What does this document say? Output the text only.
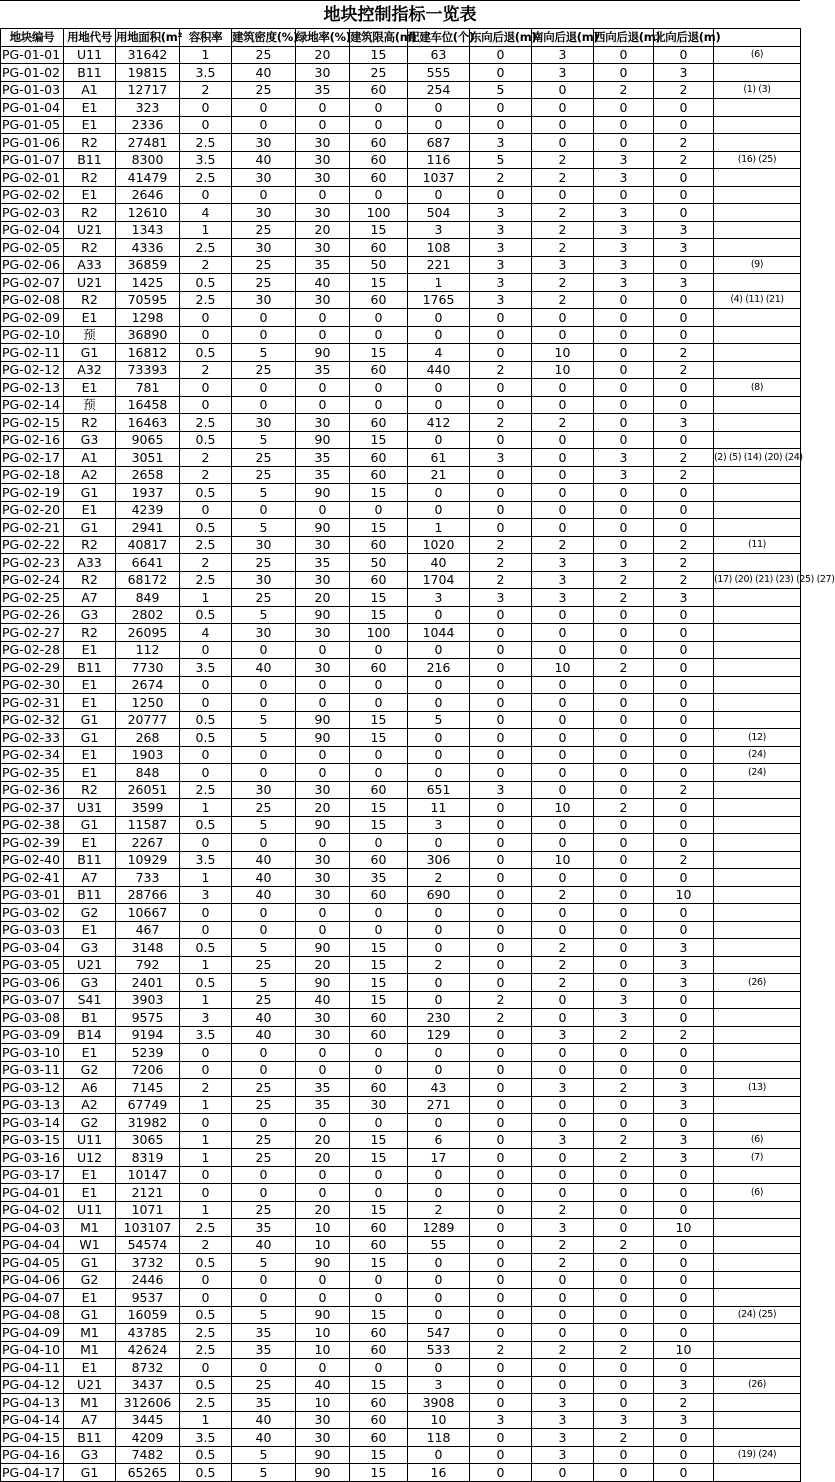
地块控制指标一览表
地块编号	用地代号	用地面积(m²	容积率	建筑密度(%)	绿地率(%)	建筑限高(m)	配建车位(个)	东向后退(m)	南向后退(m)	西向后退(m)	北向后退(m)	
PG-01-01	U11	31642	1	25	20	15	63	0	3	0	0	(6)
PG-01-02	B11	19815	3.5	40	30	25	555	0	3	0	3	
PG-01-03	A1	12717	2	25	35	60	254	5	0	2	2	(1) (3)
PG-01-04	E1	323	0	0	0	0	0	0	0	0	0	
PG-01-05	E1	2336	0	0	0	0	0	0	0	0	0	
PG-01-06	R2	27481	2.5	30	30	60	687	3	0	0	2	
PG-01-07	B11	8300	3.5	40	30	60	116	5	2	3	2	(16) (25)
PG-02-01	R2	41479	2.5	30	30	60	1037	2	2	3	0	
PG-02-02	E1	2646	0	0	0	0	0	0	0	0	0	
PG-02-03	R2	12610	4	30	30	100	504	3	2	3	0	
PG-02-04	U21	1343	1	25	20	15	3	3	2	3	3	
PG-02-05	R2	4336	2.5	30	30	60	108	3	2	3	3	
PG-02-06	A33	36859	2	25	35	50	221	3	3	3	0	(9)
PG-02-07	U21	1425	0.5	25	40	15	1	3	2	3	3	
PG-02-08	R2	70595	2.5	30	30	60	1765	3	2	0	0	(4) (11) (21)
PG-02-09	E1	1298	0	0	0	0	0	0	0	0	0	
PG-02-10	预	36890	0	0	0	0	0	0	0	0	0	
PG-02-11	G1	16812	0.5	5	90	15	4	0	10	0	2	
PG-02-12	A32	73393	2	25	35	60	440	2	10	0	2	
PG-02-13	E1	781	0	0	0	0	0	0	0	0	0	(8)
PG-02-14	预	16458	0	0	0	0	0	0	0	0	0	
PG-02-15	R2	16463	2.5	30	30	60	412	2	2	0	3	
PG-02-16	G3	9065	0.5	5	90	15	0	0	0	0	0	
PG-02-17	A1	3051	2	25	35	60	61	3	0	3	2	(2) (5) (14) (20) (24)
PG-02-18	A2	2658	2	25	35	60	21	0	0	3	2	
PG-02-19	G1	1937	0.5	5	90	15	0	0	0	0	0	
PG-02-20	E1	4239	0	0	0	0	0	0	0	0	0	
PG-02-21	G1	2941	0.5	5	90	15	1	0	0	0	0	
PG-02-22	R2	40817	2.5	30	30	60	1020	2	2	0	2	(11)
PG-02-23	A33	6641	2	25	35	50	40	2	3	3	2	
PG-02-24	R2	68172	2.5	30	30	60	1704	2	3	2	2	(17) (20) (21) (23) (25) (27)
PG-02-25	A7	849	1	25	20	15	3	3	3	2	3	
PG-02-26	G3	2802	0.5	5	90	15	0	0	0	0	0	
PG-02-27	R2	26095	4	30	30	100	1044	0	0	0	0	
PG-02-28	E1	112	0	0	0	0	0	0	0	0	0	
PG-02-29	B11	7730	3.5	40	30	60	216	0	10	2	0	
PG-02-30	E1	2674	0	0	0	0	0	0	0	0	0	
PG-02-31	E1	1250	0	0	0	0	0	0	0	0	0	
PG-02-32	G1	20777	0.5	5	90	15	5	0	0	0	0	
PG-02-33	G1	268	0.5	5	90	15	0	0	0	0	0	(12)
PG-02-34	E1	1903	0	0	0	0	0	0	0	0	0	(24)
PG-02-35	E1	848	0	0	0	0	0	0	0	0	0	(24)
PG-02-36	R2	26051	2.5	30	30	60	651	3	0	0	2	
PG-02-37	U31	3599	1	25	20	15	11	0	10	2	0	
PG-02-38	G1	11587	0.5	5	90	15	3	0	0	0	0	
PG-02-39	E1	2267	0	0	0	0	0	0	0	0	0	
PG-02-40	B11	10929	3.5	40	30	60	306	0	10	0	2	
PG-02-41	A7	733	1	40	30	35	2	0	0	0	0	
PG-03-01	B11	28766	3	40	30	60	690	0	2	0	10	
PG-03-02	G2	10667	0	0	0	0	0	0	0	0	0	
PG-03-03	E1	467	0	0	0	0	0	0	0	0	0	
PG-03-04	G3	3148	0.5	5	90	15	0	0	2	0	3	
PG-03-05	U21	792	1	25	20	15	2	0	2	0	3	
PG-03-06	G3	2401	0.5	5	90	15	0	0	2	0	3	(26)
PG-03-07	S41	3903	1	25	40	15	0	2	0	3	0	
PG-03-08	B1	9575	3	40	30	60	230	2	0	3	0	
PG-03-09	B14	9194	3.5	40	30	60	129	0	3	2	2	
PG-03-10	E1	5239	0	0	0	0	0	0	0	0	0	
PG-03-11	G2	7206	0	0	0	0	0	0	0	0	0	
PG-03-12	A6	7145	2	25	35	60	43	0	3	2	3	(13)
PG-03-13	A2	67749	1	25	35	30	271	0	0	0	3	
PG-03-14	G2	31982	0	0	0	0	0	0	0	0	0	
PG-03-15	U11	3065	1	25	20	15	6	0	3	2	3	(6)
PG-03-16	U12	8319	1	25	20	15	17	0	0	2	3	(7)
PG-03-17	E1	10147	0	0	0	0	0	0	0	0	0	
PG-04-01	E1	2121	0	0	0	0	0	0	0	0	0	(6)
PG-04-02	U11	1071	1	25	20	15	2	0	2	0	0	
PG-04-03	M1	103107	2.5	35	10	60	1289	0	3	0	10	
PG-04-04	W1	54574	2	40	10	60	55	0	2	2	0	
PG-04-05	G1	3732	0.5	5	90	15	0	0	2	0	0	
PG-04-06	G2	2446	0	0	0	0	0	0	0	0	0	
PG-04-07	E1	9537	0	0	0	0	0	0	0	0	0	
PG-04-08	G1	16059	0.5	5	90	15	0	0	0	0	0	(24) (25)
PG-04-09	M1	43785	2.5	35	10	60	547	0	0	0	0	
PG-04-10	M1	42624	2.5	35	10	60	533	2	2	2	10	
PG-04-11	E1	8732	0	0	0	0	0	0	0	0	0	
PG-04-12	U21	3437	0.5	25	40	15	3	0	0	0	3	(26)
PG-04-13	M1	312606	2.5	35	10	60	3908	0	3	0	2	
PG-04-14	A7	3445	1	40	30	60	10	3	3	3	3	
PG-04-15	B11	4209	3.5	40	30	60	118	0	3	2	0	
PG-04-16	G3	7482	0.5	5	90	15	0	0	3	0	0	(19) (24)
PG-04-17	G1	65265	0.5	5	90	15	16	0	0	0	0	
